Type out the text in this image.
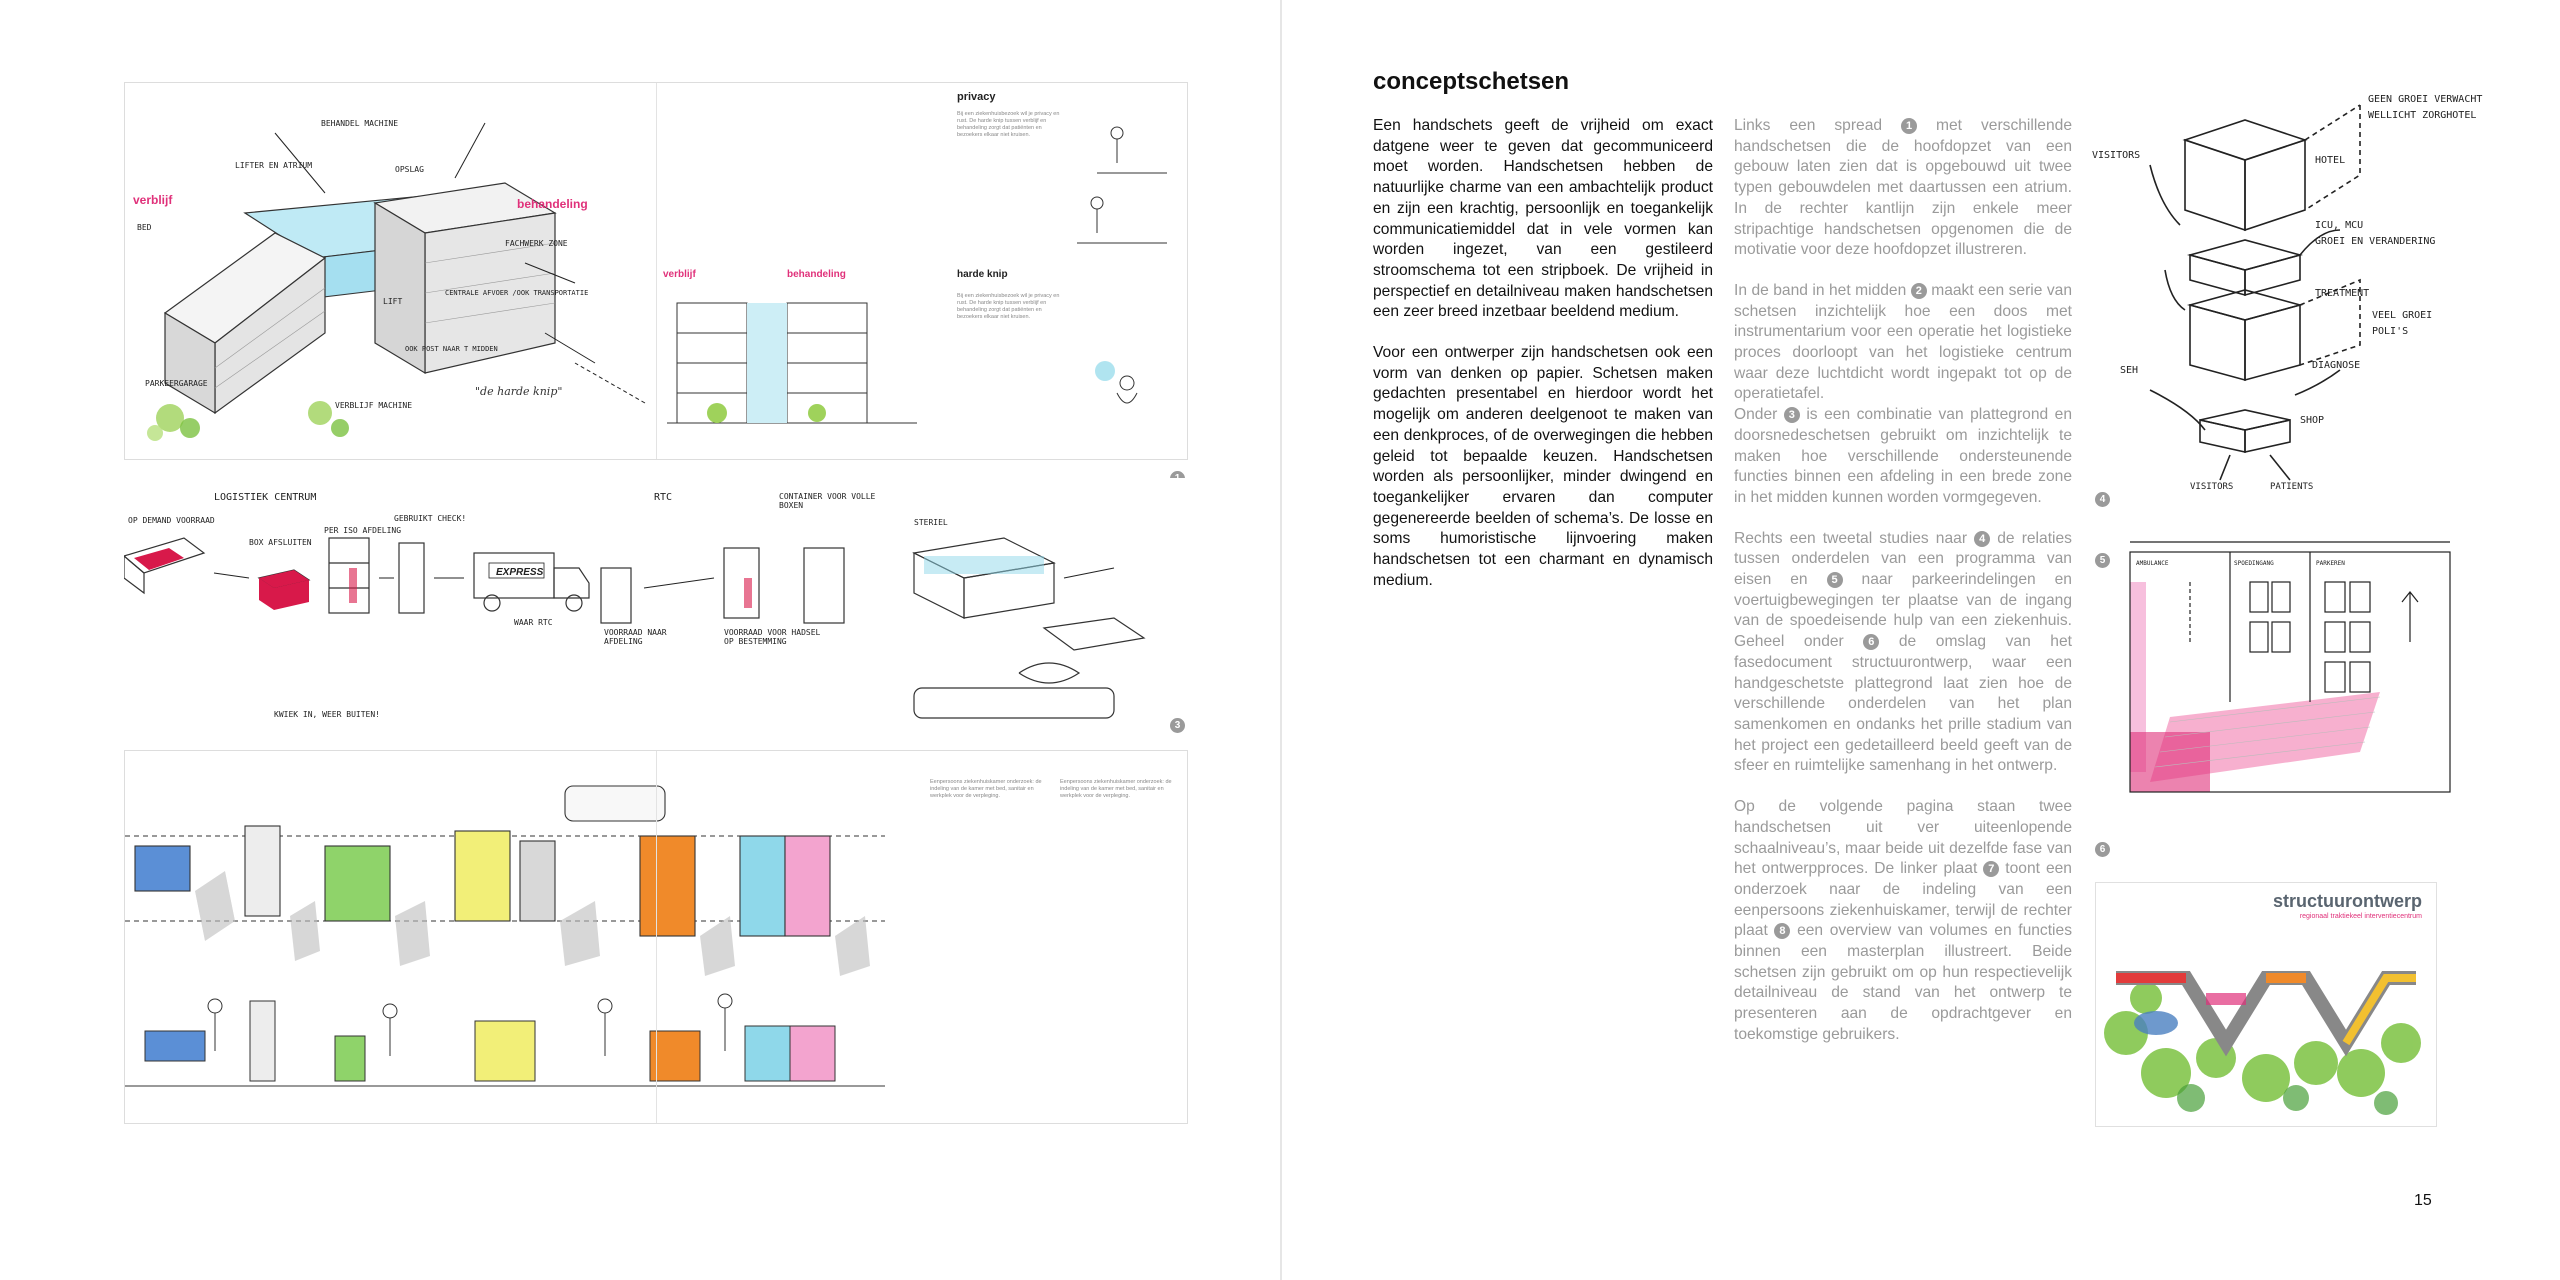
verblijf	behandeling
BEHANDEL MACHINE
LIFTER EN ATRIUM	OPSLAG
BED
PARKEERGARAGE
VERBLIJF MACHINE
CENTRALE AFVOER /OOK TRANSPORTATIE
FACHWERK ZONE
LIFT
OOK POST NAAR T MIDDEN
"de harde knip"
privacy
Bij een ziekenhuisbezoek wil je privacy en rust. De harde knip tussen verblijf en behandeling zorgt dat patiënten en bezoekers elkaar niet kruisen.
verblijf	behandeling	harde knip
Bij een ziekenhuisbezoek wil je privacy en rust. De harde knip tussen verblijf en behandeling zorgt dat patiënten en bezoekers elkaar niet kruisen.
EXPRESS
OP DEMAND VOORRAAD
LOGISTIEK CENTRUM
BOX AFSLUITEN
PER ISO AFDELING
GEBRUIKT CHECK!
RTC	CONTAINER VOOR VOLLE BOXEN
WAAR RTC
VOORRAAD NAAR AFDELING
VOORRAAD VOOR HADSEL OP BESTEMMING
STERIEL
KWIEK IN, WEER BUITEN!
3
Eenpersoons ziekenhuiskamer onderzoek: de indeling van de kamer met bed, sanitair en werkplek voor de verpleging.
Eenpersoons ziekenhuiskamer onderzoek: de indeling van de kamer met bed, sanitair en werkplek voor de verpleging.
conceptschetsen

Een handschets geeft de vrijheid om exact datgene weer te geven dat gecommuniceerd moet worden. Handschetsen hebben de natuurlijke charme van een ambachtelijk product en zijn een krachtig, persoonlijk en toegankelijk communicatiemiddel dat in vele vormen kan worden ingezet, van een gestileerd stroomschema tot een stripboek. De vrijheid in perspectief en detailniveau maken handschetsen een zeer breed inzetbaar beeldend medium.

Voor een ontwerper zijn handschetsen ook een vorm van denken op papier. Schetsen maken gedachten presentabel en hierdoor wordt het mogelijk om anderen deelgenoot te maken van een denkproces, of de overwegingen die hebben geleid tot bepaalde keuzen. Handschetsen worden als persoonlijker, minder dwingend en toegankelijker ervaren dan computer gegenereerde beelden of schema’s. De losse en soms humoristische lijnvoering maken handschetsen tot een charmant en dynamisch medium.

Links een spread 1 met verschillende handschetsen die de hoofdopzet van een gebouw laten zien dat is opgebouwd uit twee typen gebouwdelen met daartussen een atrium. In de rechter kantlijn zijn enkele meer stripachtige handschetsen opgenomen die de motivatie voor deze hoofdopzet illustreren.

In de band in het midden 2 maakt een serie van schetsen inzichtelijk hoe een doos met instrumentarium voor een operatie het logistieke proces doorloopt van het logistieke centrum waar deze luchtdicht wordt ingepakt tot op de operatietafel.

Onder 3 is een combinatie van plattegrond en doorsnedeschetsen gebruikt om inzichtelijk te maken hoe verschillende ondersteunende functies binnen een afdeling in een brede zone in het midden kunnen worden vormgegeven.

Rechts een tweetal studies naar 4 de relaties tussen onderdelen van een programma van eisen en 5 naar parkeerindelingen en voertuigbewegingen ter plaatse van de ingang van de spoedeisende hulp van een ziekenhuis. Geheel onder 6 de omslag van het fasedocument structuurontwerp, waar een handgeschetste plattegrond laat zien hoe de verschillende onderdelen van het plan samenkomen en ondanks het prille stadium van het project een gedetailleerd beeld geeft van de sfeer en ruimtelijke samenhang in het ontwerp.

Op de volgende pagina staan twee handschetsen uit ver uiteenlopende schaalniveau’s, maar beide uit dezelfde fase van het ontwerpproces. De linker plaat 7 toont een onderzoek naar de indeling van een eenpersoons ziekenhuiskamer, terwijl de rechter plaat 8 een overview van volumes en functies binnen een masterplan illustreert. Beide schetsen zijn gebruikt om op hun respectievelijk detailniveau de stand van het ontwerp te presenteren aan de opdrachtgever en toekomstige gebruikers.

GEEN GROEI VERWACHT
WELLICHT ZORGHOTEL
VISITORS	HOTEL
ICU, MCU
GROEI EN VERANDERING
TREATMENT
VEEL GROEI
POLI'S
DIAGNOSE
SEH
SHOP
VISITORS	PATIENTS
4
AMBULANCE	SPOEDINGANG	PARKEREN
5
6
structuurontwerp
regionaal traktiekeel interventiecentrum
15
